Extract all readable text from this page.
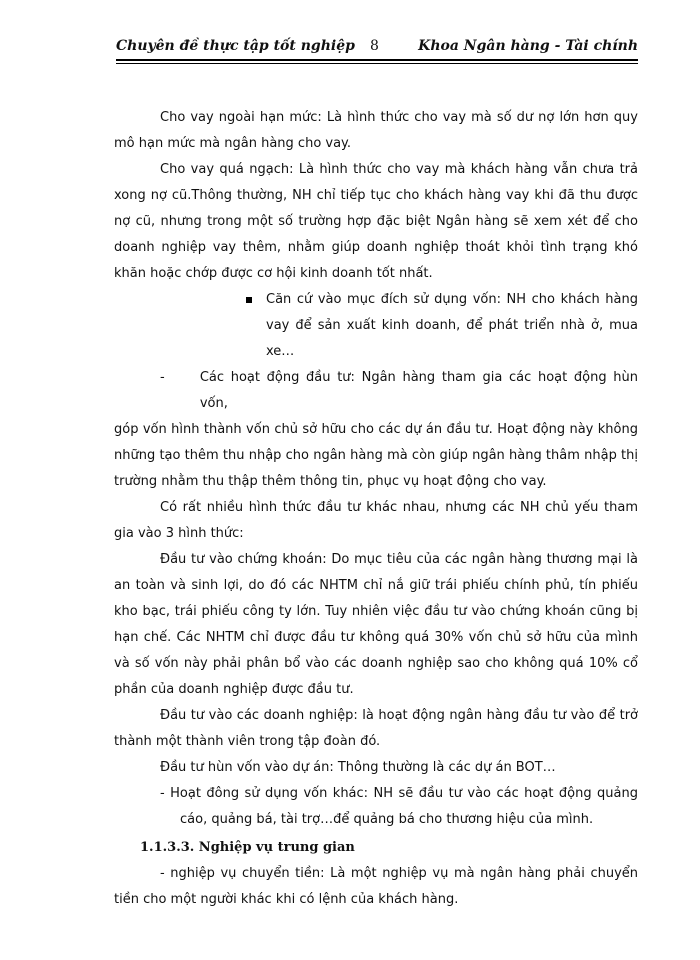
Chuyên đề thực tập tốt nghiệp 8	Khoa Ngân hàng - Tài chính

Cho vay ngoài hạn mức: Là hình thức cho vay mà số dư nợ lớn hơn quy mô hạn mức mà ngân hàng cho vay.

Cho vay quá ngạch: Là hình thức cho vay mà khách hàng vẫn chưa trả xong nợ cũ.Thông thường, NH chỉ tiếp tục cho khách hàng vay khi đã thu được nợ cũ, nhưng trong một số trường hợp đặc biệt Ngân hàng sẽ xem xét để cho doanh nghiệp vay thêm, nhằm giúp doanh nghiệp thoát khỏi tình trạng khó khăn hoặc chớp được cơ hội kinh doanh tốt nhất.

Căn cứ vào mục đích sử dụng vốn: NH cho khách hàng vay để sản xuất kinh doanh, để phát triển nhà ở, mua xe…
-	Các hoạt động đầu tư: Ngân hàng tham gia các hoạt động hùn vốn,

góp vốn hình thành vốn chủ sở hữu cho các dự án đầu tư. Hoạt động này không những tạo thêm thu nhập cho ngân hàng mà còn giúp ngân hàng thâm nhập thị trường nhằm thu thập thêm thông tin, phục vụ hoạt động cho vay.

Có rất nhiều hình thức đầu tư khác nhau, nhưng các NH chủ yếu tham gia vào 3 hình thức:

Đầu tư vào chứng khoán: Do mục tiêu của các ngân hàng thương mại là an toàn và sinh lợi, do đó các NHTM chỉ nắ giữ trái phiếu chính phủ, tín phiếu kho bạc, trái phiếu công ty lớn. Tuy nhiên việc đầu tư vào chứng khoán cũng bị hạn chế. Các NHTM chỉ được đầu tư không quá 30% vốn chủ sở hữu của mình và số vốn này phải phân bổ vào các doanh nghiệp sao cho không quá 10% cổ phần của doanh nghiệp được đầu tư.

Đầu tư vào các doanh nghiệp: là hoạt động ngân hàng đầu tư vào để trở thành một thành viên trong tập đoàn đó.

Đầu tư hùn vốn vào dự án: Thông thường là các dự án BOT…

- Hoạt đông sử dụng vốn khác: NH sẽ đầu tư vào các hoạt động quảng cáo, quảng bá, tài trợ…để quảng bá cho thương hiệu của mình.

1.1.3.3. Nghiệp vụ trung gian

- nghiệp vụ chuyển tiền: Là một nghiệp vụ mà ngân hàng phải chuyển tiền cho một người khác khi có lệnh của khách hàng.
